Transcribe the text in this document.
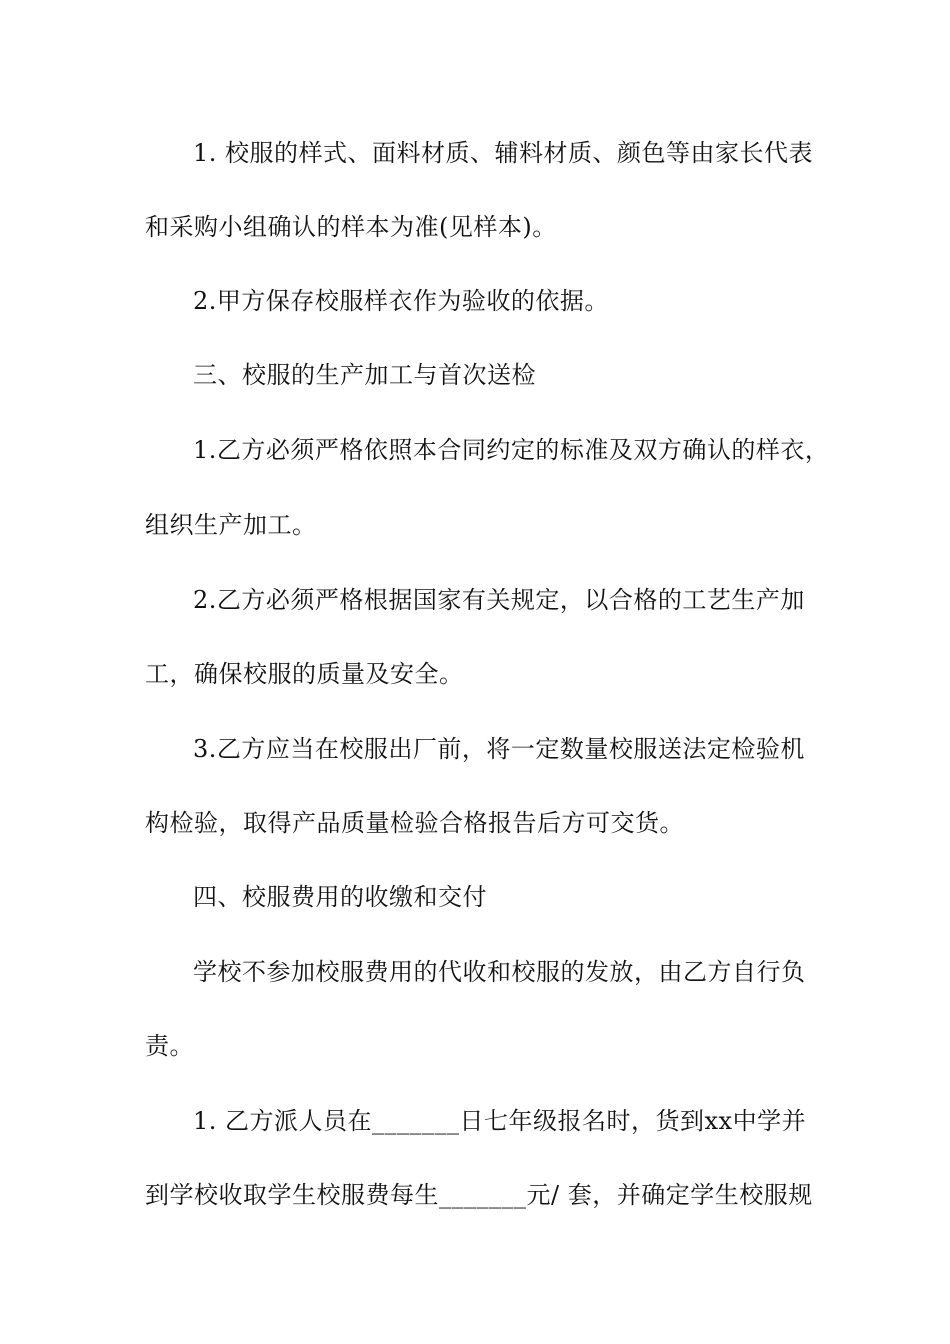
1. 校服的样式、面料材质、辅料材质、颜色等由家长代表
和采购小组确认的样本为准(见样本)。
2.甲方保存校服样衣作为验收的依据。
三、校服的生产加工与首次送检
1.乙方必须严格依照本合同约定的标准及双方确认的样衣，
组织生产加工。
2.乙方必须严格根据国家有关规定，以合格的工艺生产加
工，确保校服的质量及安全。
3.乙方应当在校服出厂前，将一定数量校服送法定检验机
构检验，取得产品质量检验合格报告后方可交货。
四、校服费用的收缴和交付
学校不参加校服费用的代收和校服的发放，由乙方自行负
责。
1. 乙方派人员在_______日七年级报名时，货到xx中学并
到学校收取学生校服费每生_______元/ 套，并确定学生校服规
